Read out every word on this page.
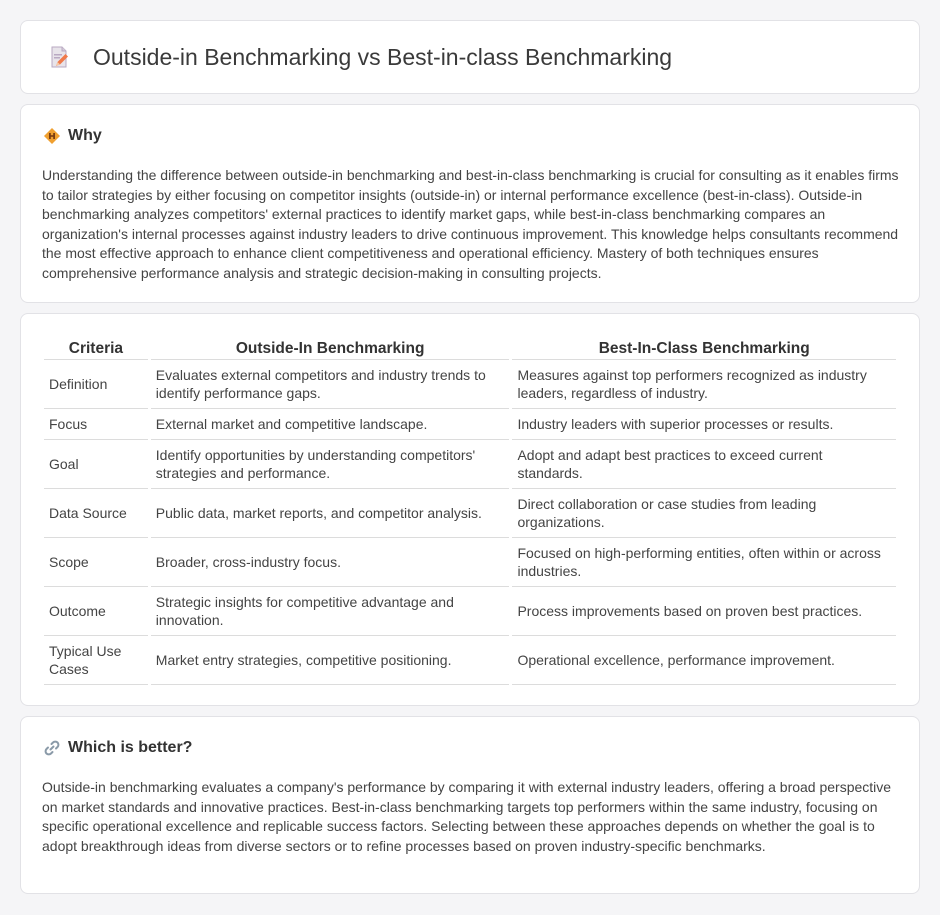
Outside-in Benchmarking vs Best-in-class Benchmarking
Why

Understanding the difference between outside-in benchmarking and best-in-class benchmarking is crucial for consulting as it enables firms to tailor strategies by either focusing on competitor insights (outside-in) or internal performance excellence (best-in-class). Outside-in benchmarking analyzes competitors' external practices to identify market gaps, while best-in-class benchmarking compares an organization's internal processes against industry leaders to drive continuous improvement. This knowledge helps consultants recommend the most effective approach to enhance client competitiveness and operational efficiency. Mastery of both techniques ensures comprehensive performance analysis and strategic decision-making in consulting projects.

Criteria	Outside-In Benchmarking	Best-In-Class Benchmarking
Definition	Evaluates external competitors and industry trends to identify performance gaps.	Measures against top performers recognized as industry leaders, regardless of industry.
Focus	External market and competitive landscape.	Industry leaders with superior processes or results.
Goal	Identify opportunities by understanding competitors' strategies and performance.	Adopt and adapt best practices to exceed current standards.
Data Source	Public data, market reports, and competitor analysis.	Direct collaboration or case studies from leading organizations.
Scope	Broader, cross-industry focus.	Focused on high-performing entities, often within or across industries.
Outcome	Strategic insights for competitive advantage and innovation.	Process improvements based on proven best practices.
Typical Use Cases	Market entry strategies, competitive positioning.	Operational excellence, performance improvement.
Which is better?

Outside-in benchmarking evaluates a company's performance by comparing it with external industry leaders, offering a broad perspective on market standards and innovative practices. Best-in-class benchmarking targets top performers within the same industry, focusing on specific operational excellence and replicable success factors. Selecting between these approaches depends on whether the goal is to adopt breakthrough ideas from diverse sectors or to refine processes based on proven industry-specific benchmarks.
